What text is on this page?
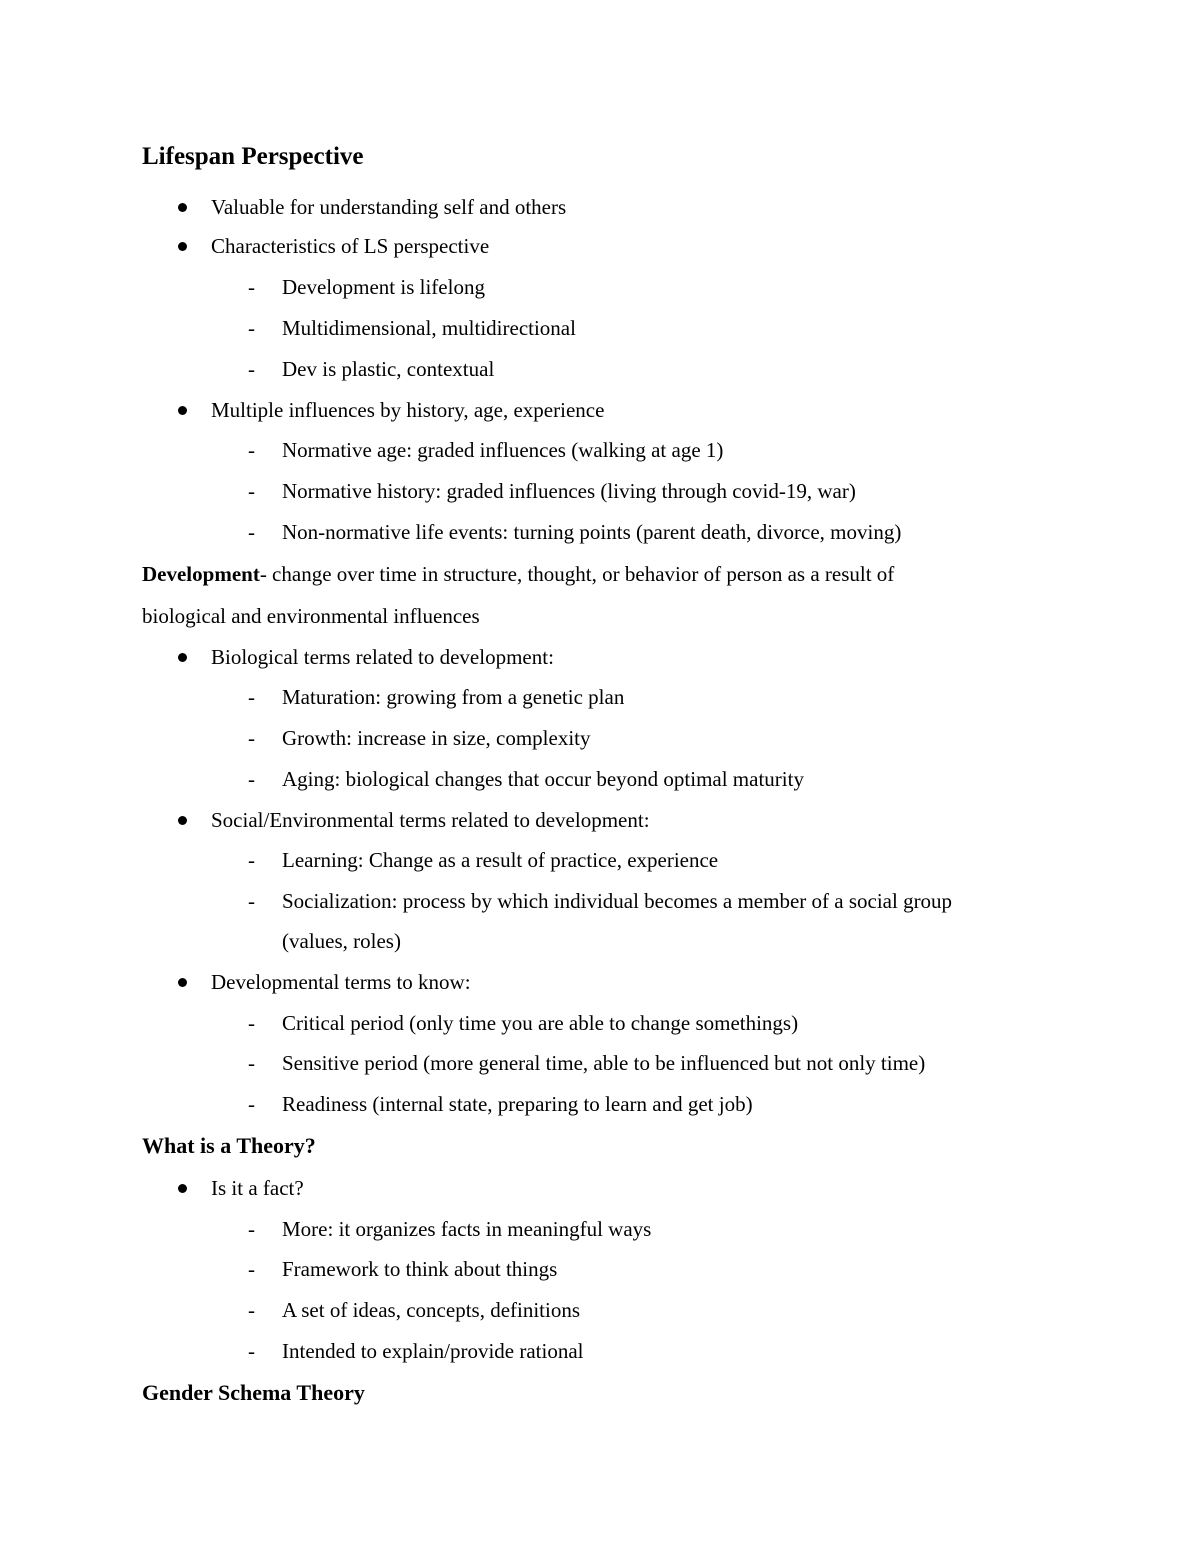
Lifespan Perspective
Valuable for understanding self and others
Characteristics of LS perspective
- Development is lifelong
- Multidimensional, multidirectional
- Dev is plastic, contextual
Multiple influences by history, age, experience
- Normative age: graded influences (walking at age 1)
- Normative history: graded influences (living through covid-19, war)
- Non-normative life events: turning points (parent death, divorce, moving)
Development- change over time in structure, thought, or behavior of person as a result of
biological and environmental influences
Biological terms related to development:
- Maturation: growing from a genetic plan
- Growth: increase in size, complexity
- Aging: biological changes that occur beyond optimal maturity
Social/Environmental terms related to development:
- Learning: Change as a result of practice, experience
- Socialization: process by which individual becomes a member of a social group
(values, roles)
Developmental terms to know:
- Critical period (only time you are able to change somethings)
- Sensitive period (more general time, able to be influenced but not only time)
- Readiness (internal state, preparing to learn and get job)
What is a Theory?
Is it a fact?
- More: it organizes facts in meaningful ways
- Framework to think about things
- A set of ideas, concepts, definitions
- Intended to explain/provide rational
Gender Schema Theory
